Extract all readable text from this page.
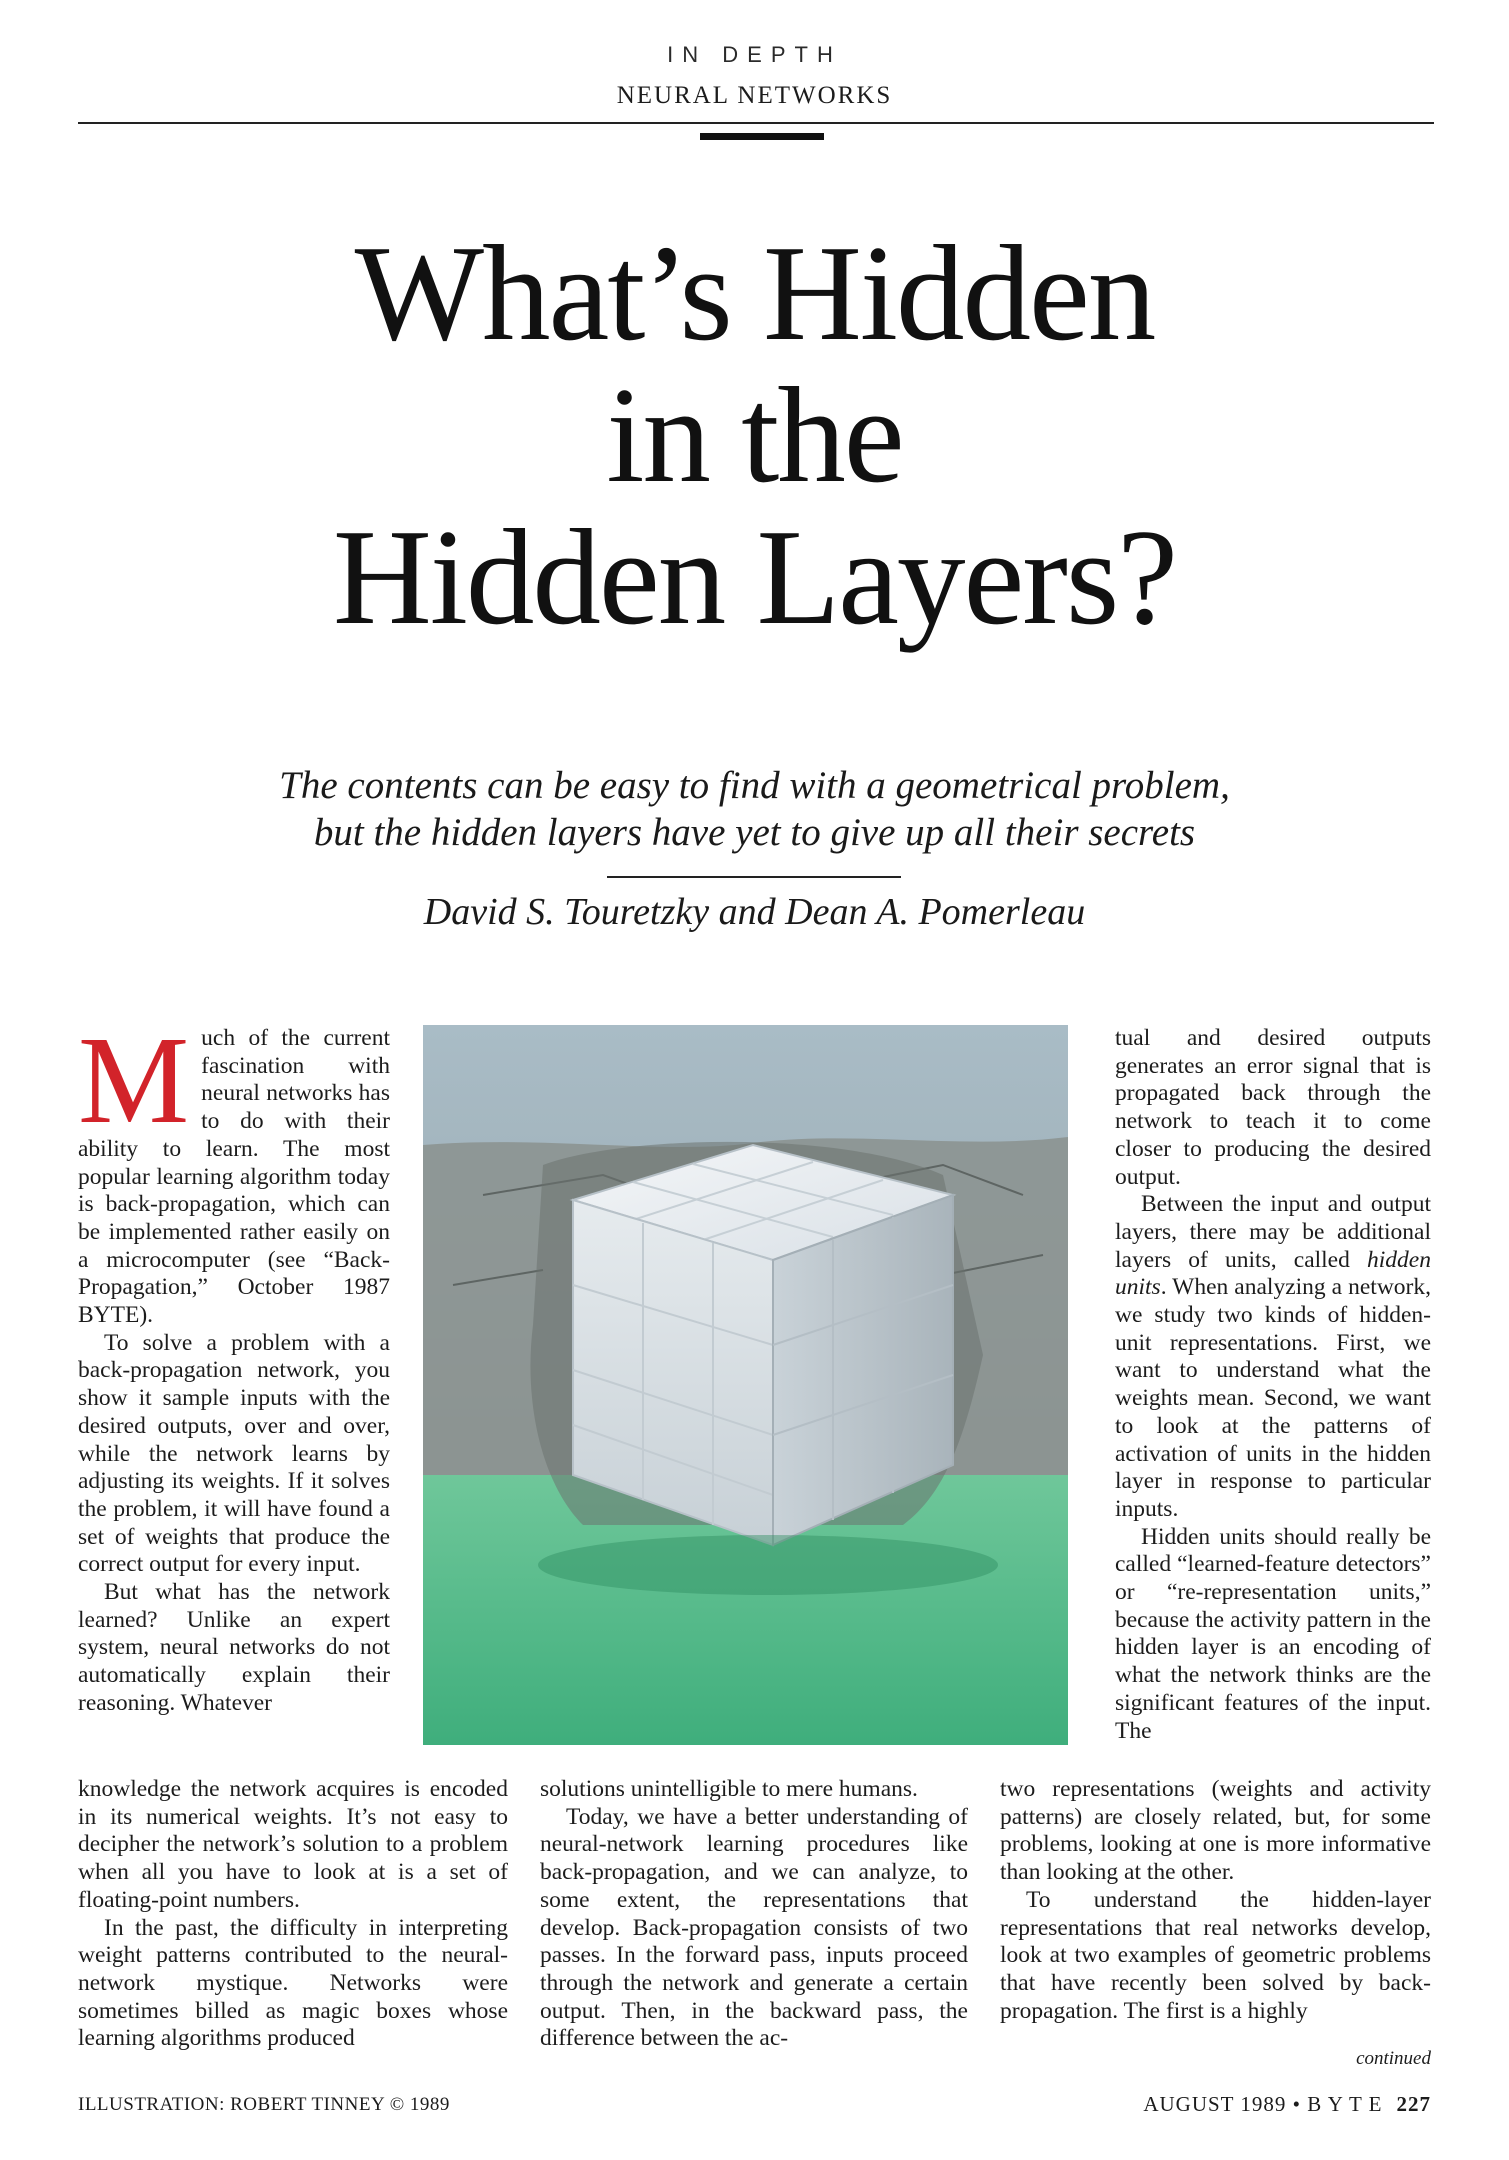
IN DEPTH
NEURAL NETWORKS
What’s Hidden
in the
Hidden Layers?
The contents can be easy to find with a geometrical problem,
but the hidden layers have yet to give up all their secrets
David S. Touretzky and Dean A. Pomerleau

Much of the current fascination with neural networks has to do with their ability to learn. The most popular learning algorithm today is back-propagation, which can be implemented rather easily on a microcomputer (see “Back-Propagation,” October 1987 BYTE).

To solve a problem with a back-propagation network, you show it sample inputs with the desired outputs, over and over, while the network learns by adjusting its weights. If it solves the problem, it will have found a set of weights that produce the correct output for every input.

But what has the network learned? Unlike an expert system, neural networks do not automatically explain their reasoning. Whatever

knowledge the network acquires is encoded in its numerical weights. It’s not easy to decipher the network’s solution to a problem when all you have to look at is a set of floating-point numbers.

In the past, the difficulty in interpreting weight patterns contributed to the neural-network mystique. Networks were sometimes billed as magic boxes whose learning algorithms produced

solutions unintelligible to mere humans.

Today, we have a better understanding of neural-network learning procedures like back-propagation, and we can analyze, to some extent, the representations that develop. Back-propagation consists of two passes. In the forward pass, inputs proceed through the network and generate a certain output. Then, in the backward pass, the difference between the ac-

tual and desired outputs generates an error signal that is propagated back through the network to teach it to come closer to producing the desired output.

Between the input and output layers, there may be additional layers of units, called hidden units. When analyzing a network, we study two kinds of hidden-unit representations. First, we want to understand what the weights mean. Second, we want to look at the patterns of activation of units in the hidden layer in response to particular inputs.

Hidden units should really be called “learned-feature detectors” or “re-representation units,” because the activity pattern in the hidden layer is an encoding of what the network thinks are the significant features of the input. The

two representations (weights and activity patterns) are closely related, but, for some problems, looking at one is more informative than looking at the other.

To understand the hidden-layer representations that real networks develop, look at two examples of geometric problems that have recently been solved by back-propagation. The first is a highly

continued
ILLUSTRATION: ROBERT TINNEY © 1989	AUGUST 1989 • B Y T E 227
